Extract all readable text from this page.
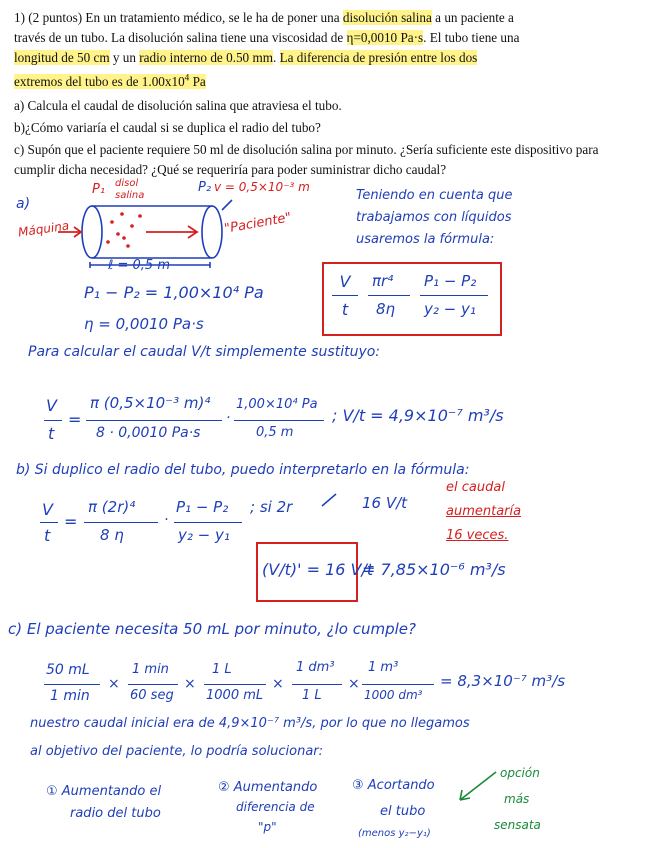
1) (2 puntos) En un tratamiento médico, se le ha de poner una disolución salina a un paciente a

través de un tubo. La disolución salina tiene una viscosidad de η=0,0010 Pa·s. El tubo tiene una

longitud de 50 cm y un radio interno de 0.50 mm. La diferencia de presión entre los dos

extremos del tubo es de $1.00x10^4$ Pa

a) Calcula el caudal de disolución salina que atraviesa el tubo.

b)¿Cómo variaría el caudal si se duplica el radio del tubo?

c) Supón que el paciente requiere 50 ml de disolución salina por minuto. ¿Sería suficiente este dispositivo para cumplir dicha necesidad? ¿Qué se requeriría para poder suministrar dicho caudal?

a)
Máquina
P₁ disol
salina
P₂ v = 0,5×10⁻³ m
"Paciente"
ℓ = 0,5 m
P₁ − P₂ = 1,00×10⁴ Pa
η = 0,0010 Pa·s
Teniendo en cuenta que
trabajamos con líquidos
usaremos la fórmula:
V
t
πr⁴
8η
P₁ − P₂
y₂ − y₁
Para calcular el caudal V/t simplemente sustituyo:
V
t
=
π (0,5×10⁻³ m)⁴
8 · 0,0010 Pa·s
·
1,00×10⁴ Pa
0,5 m
; V/t = 4,9×10⁻⁷ m³/s
b) Si duplico el radio del tubo, puedo interpretarlo en la fórmula:
V
t
=
π (2r)⁴
8 η
·
P₁ − P₂
y₂ − y₁
; si 2r	16 V/t
el caudal
aumentaría
16 veces.
(V/t)' = 16 V/t
= 7,85×10⁻⁶ m³/s
c) El paciente necesita 50 mL por minuto, ¿lo cumple?
50 mL
1 min
×
1 min
60 seg
×
1 L
1000 mL
×
1 dm³
1 L
×
1 m³
1000 dm³
= 8,3×10⁻⁷ m³/s
nuestro caudal inicial era de 4,9×10⁻⁷ m³/s, por lo que no llegamos
al objetivo del paciente, lo podría solucionar:
① Aumentando el
radio del tubo
② Aumentando
diferencia de
"p"
③ Acortando
el tubo
(menos y₂−y₁)
opción
más
sensata
